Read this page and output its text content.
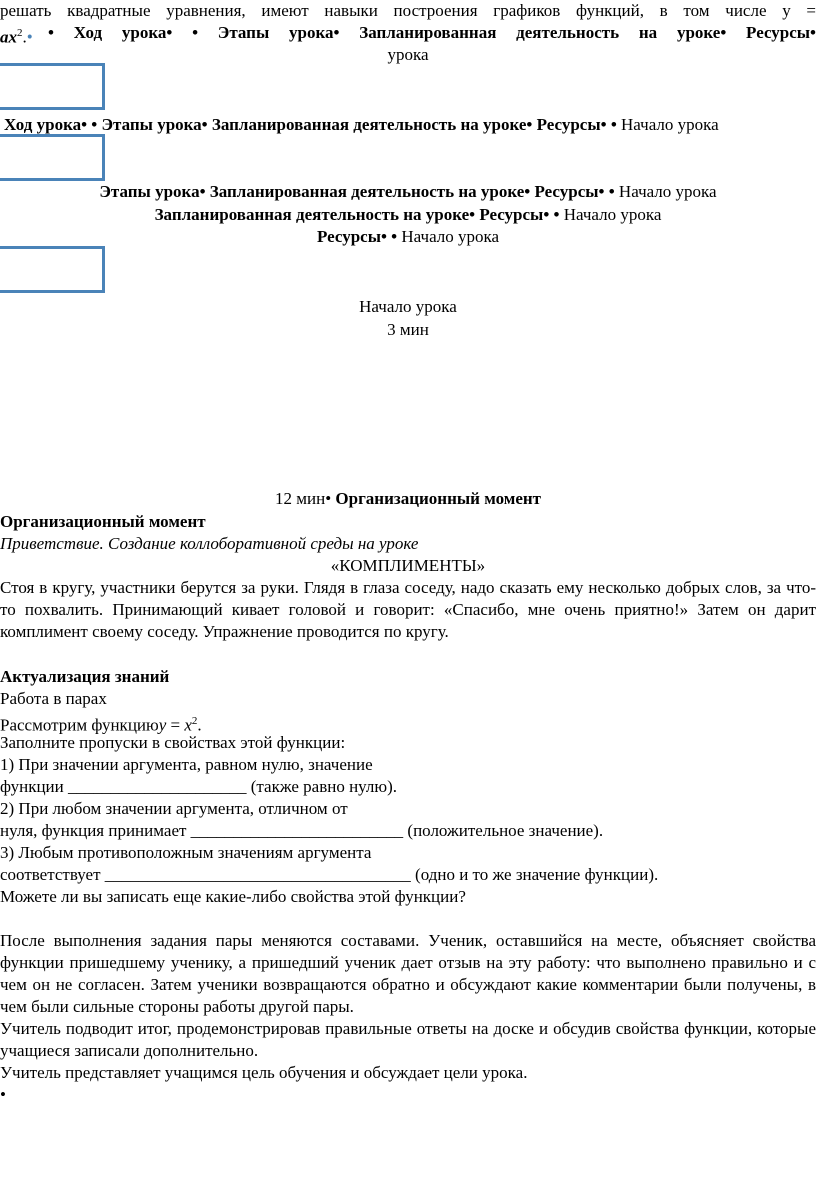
решать квадратные уравнения, имеют навыки построения графиков функций, в том числе у =
$ax^2.•$ • Ход урока• • Этапы урока• Запланированная деятельность на уроке• Ресурсы•
урока
Ход урока• • Этапы урока• Запланированная деятельность на уроке• Ресурсы• • Начало урока
Этапы урока• Запланированная деятельность на уроке• Ресурсы• • Начало урока
Запланированная деятельность на уроке• Ресурсы• • Начало урока
Ресурсы• • Начало урока
Начало урока
3 мин
12 мин• Организационный момент
Организационный момент
Приветствие. Создание коллоборативной среды на уроке
«КОМПЛИМЕНТЫ»
Стоя в кругу, участники берутся за руки. Глядя в глаза соседу, надо сказать ему несколько добрых слов, за что-то похвалить. Принимающий кивает головой и говорит: «Спасибо, мне очень приятно!» Затем он дарит комплимент своему соседу. Упражнение проводится по кругу.
Актуализация знаний
Работа в парах
Рассмотрим функциюy = $x^2$.
Заполните пропуски в свойствах этой функции:
1) При значении аргумента, равном нулю, значение
функции _____________________ (также равно нулю).
2) При любом значении аргумента, отличном от
нуля, функция принимает _________________________ (положительное значение).
3) Любым противоположным значениям аргумента
соответствует ____________________________________ (одно и то же значение функции).
Можете ли вы записать еще какие-либо свойства этой функции?
После выполнения задания пары меняются составами. Ученик, оставшийся на месте, объясняет свойства функции пришедшему ученику, а пришедший ученик дает отзыв на эту работу: что выполнено правильно и с чем он не согласен. Затем ученики возвращаются обратно и обсуждают какие комментарии были получены, в чем были сильные стороны работы другой пары.
Учитель подводит итог, продемонстрировав правильные ответы на доске и обсудив свойства функции, которые учащиеся записали дополнительно.
Учитель представляет учащимся цель обучения и обсуждает цели урока.
•
